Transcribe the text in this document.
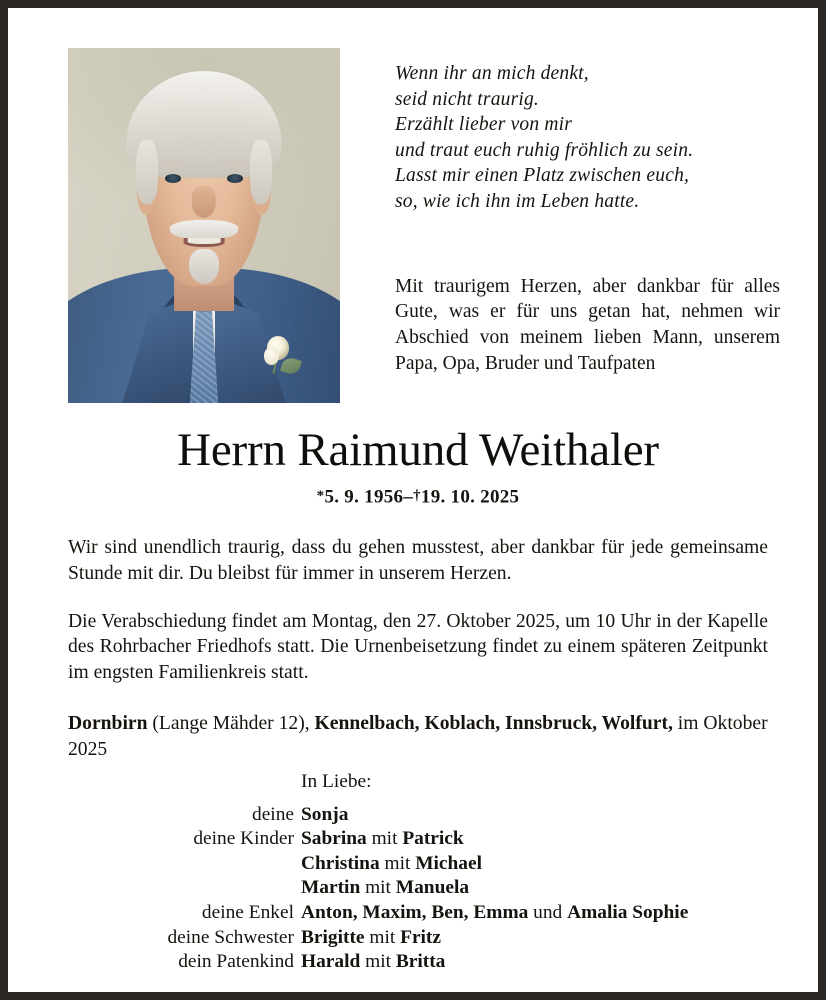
Wenn ihr an mich denkt,
seid nicht traurig.
Erzählt lieber von mir
und traut euch ruhig fröhlich zu sein.
Lasst mir einen Platz zwischen euch,
so, wie ich ihn im Leben hatte.
Mit traurigem Herzen, aber dankbar für alles Gute, was er für uns getan hat, nehmen wir Abschied von meinem lieben Mann, unserem Papa, Opa, Bruder und Taufpaten
Herrn Raimund Weithaler
*5. 9. 1956–†19. 10. 2025
Wir sind unendlich traurig, dass du gehen musstest, aber dankbar für jede gemeinsame Stunde mit dir. Du bleibst für immer in unserem Herzen.
Die Verabschiedung findet am Montag, den 27. Oktober 2025, um 10 Uhr in der Kapelle des Rohrbacher Friedhofs statt. Die Urnenbeisetzung findet zu einem späteren Zeitpunkt im engsten Familienkreis statt.
Dornbirn (Lange Mähder 12), Kennelbach, Koblach, Innsbruck, Wolfurt, im Oktober 2025
In Liebe:
deine Sonja
deine Kinder Sabrina mit Patrick
Christina mit Michael
Martin mit Manuela
deine Enkel Anton, Maxim, Ben, Emma und Amalia Sophie
deine Schwester Brigitte mit Fritz
dein Patenkind Harald mit Britta
